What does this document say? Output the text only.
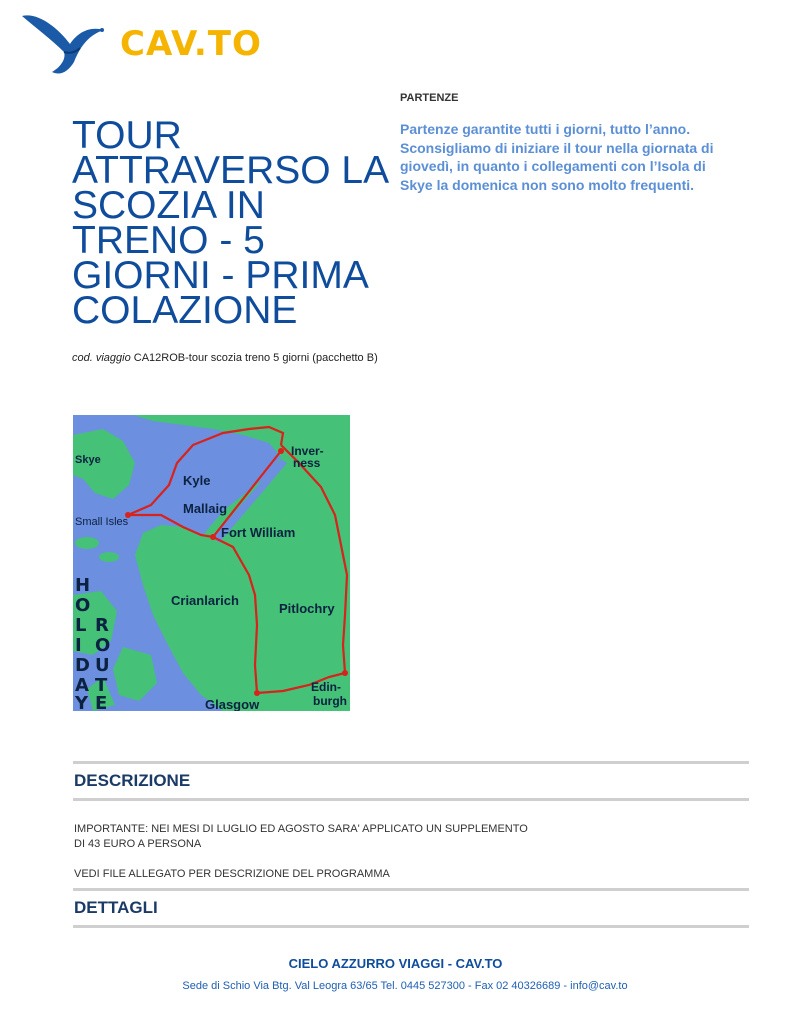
CAV.TO
TOUR ATTRAVERSO LA SCOZIA IN TRENO - 5 GIORNI - PRIMA COLAZIONE
cod. viaggio CA12ROB-tour scozia treno 5 giorni (pacchetto B)
Skye
Kyle
Mallaig
Small Isles
Inver-
ness
Fort William
Crianlarich
Pitlochry
Edin-
burgh
Glasgow
H
O
L
I
D
A
Y
R
O
U
T
E
PARTENZE
Partenze garantite tutti i giorni, tutto l’anno. Sconsigliamo di iniziare il tour nella giornata di giovedì, in quanto i collegamenti con l’Isola di Skye la domenica non sono molto frequenti.
DESCRIZIONE
IMPORTANTE: NEI MESI DI LUGLIO ED AGOSTO SARA' APPLICATO UN SUPPLEMENTO
DI 43 EURO A PERSONA
VEDI FILE ALLEGATO PER DESCRIZIONE DEL PROGRAMMA
DETTAGLI
CIELO AZZURRO VIAGGI - CAV.TO
Sede di Schio Via Btg. Val Leogra 63/65 Tel. 0445 527300 - Fax 02 40326689 - info@cav.to
